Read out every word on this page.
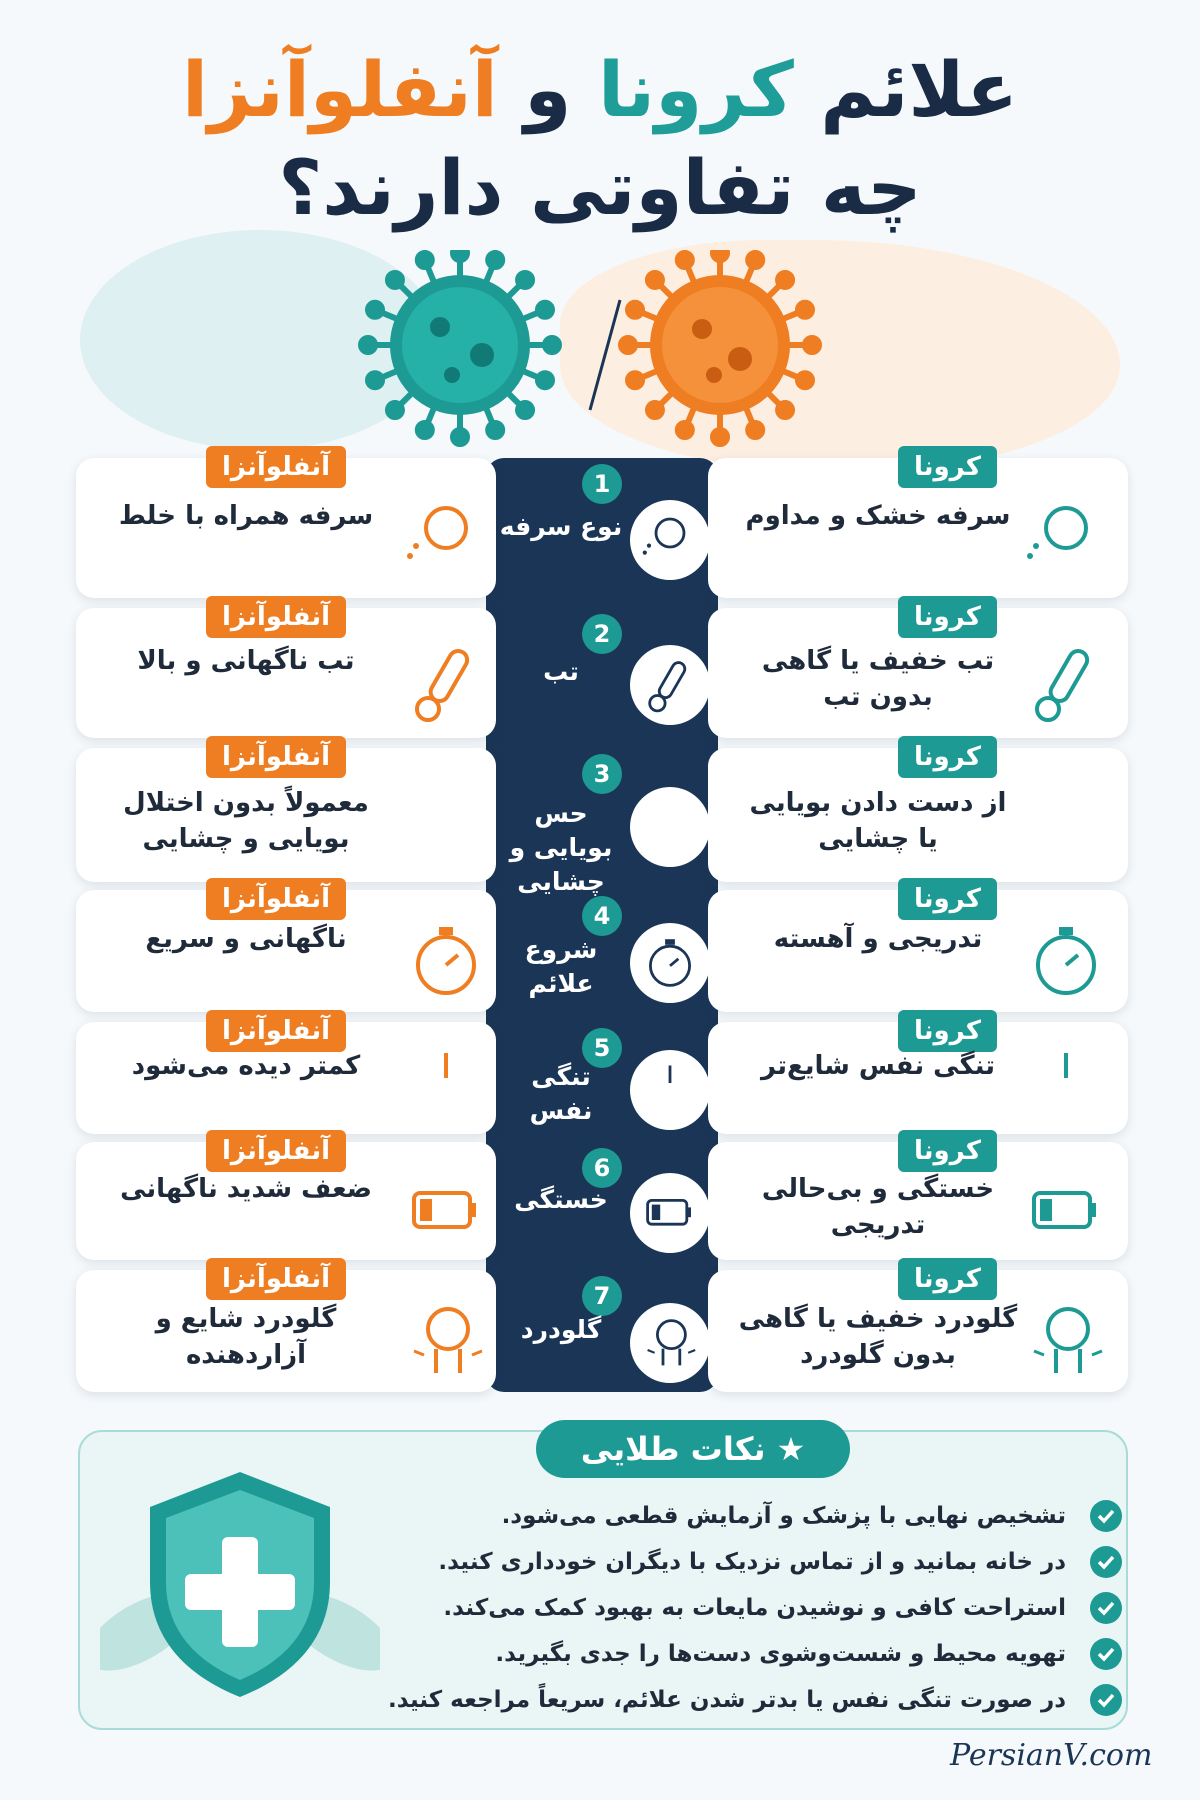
علائم کرونا و آنفلوآنزا
چه تفاوتی دارند؟
آنفلوآنزا
سرفه همراه با خلط
کرونا
سرفه خشک و مداوم
1
نوع سرفه
آنفلوآنزا
تب ناگهانی و بالا
کرونا
تب خفیف یا گاهی بدون تب
2
تب
آنفلوآنزا
معمولاً بدون اختلال بویایی و چشایی
کرونا
از دست دادن بویایی یا چشایی
3
حس بویایی و چشایی
آنفلوآنزا
ناگهانی و سریع
کرونا
تدریجی و آهسته
4
شروع علائم
آنفلوآنزا
کمتر دیده می‌شود
کرونا
تنگی نفس شایع‌تر
5
تنگی نفس
آنفلوآنزا
ضعف شدید ناگهانی
کرونا
خستگی و بی‌حالی تدریجی
6
خستگی
آنفلوآنزا
گلودرد شایع و آزاردهنده
کرونا
گلودرد خفیف یا گاهی بدون گلودرد
7
گلودرد
★ نکات طلایی
تشخیص نهایی با پزشک و آزمایش قطعی می‌شود.
در خانه بمانید و از تماس نزدیک با دیگران خودداری کنید.
استراحت کافی و نوشیدن مایعات به بهبود کمک می‌کند.
تهویه محیط و شست‌وشوی دست‌ها را جدی بگیرید.
در صورت تنگی نفس یا بدتر شدن علائم، سریعاً مراجعه کنید.
PersianV.com
